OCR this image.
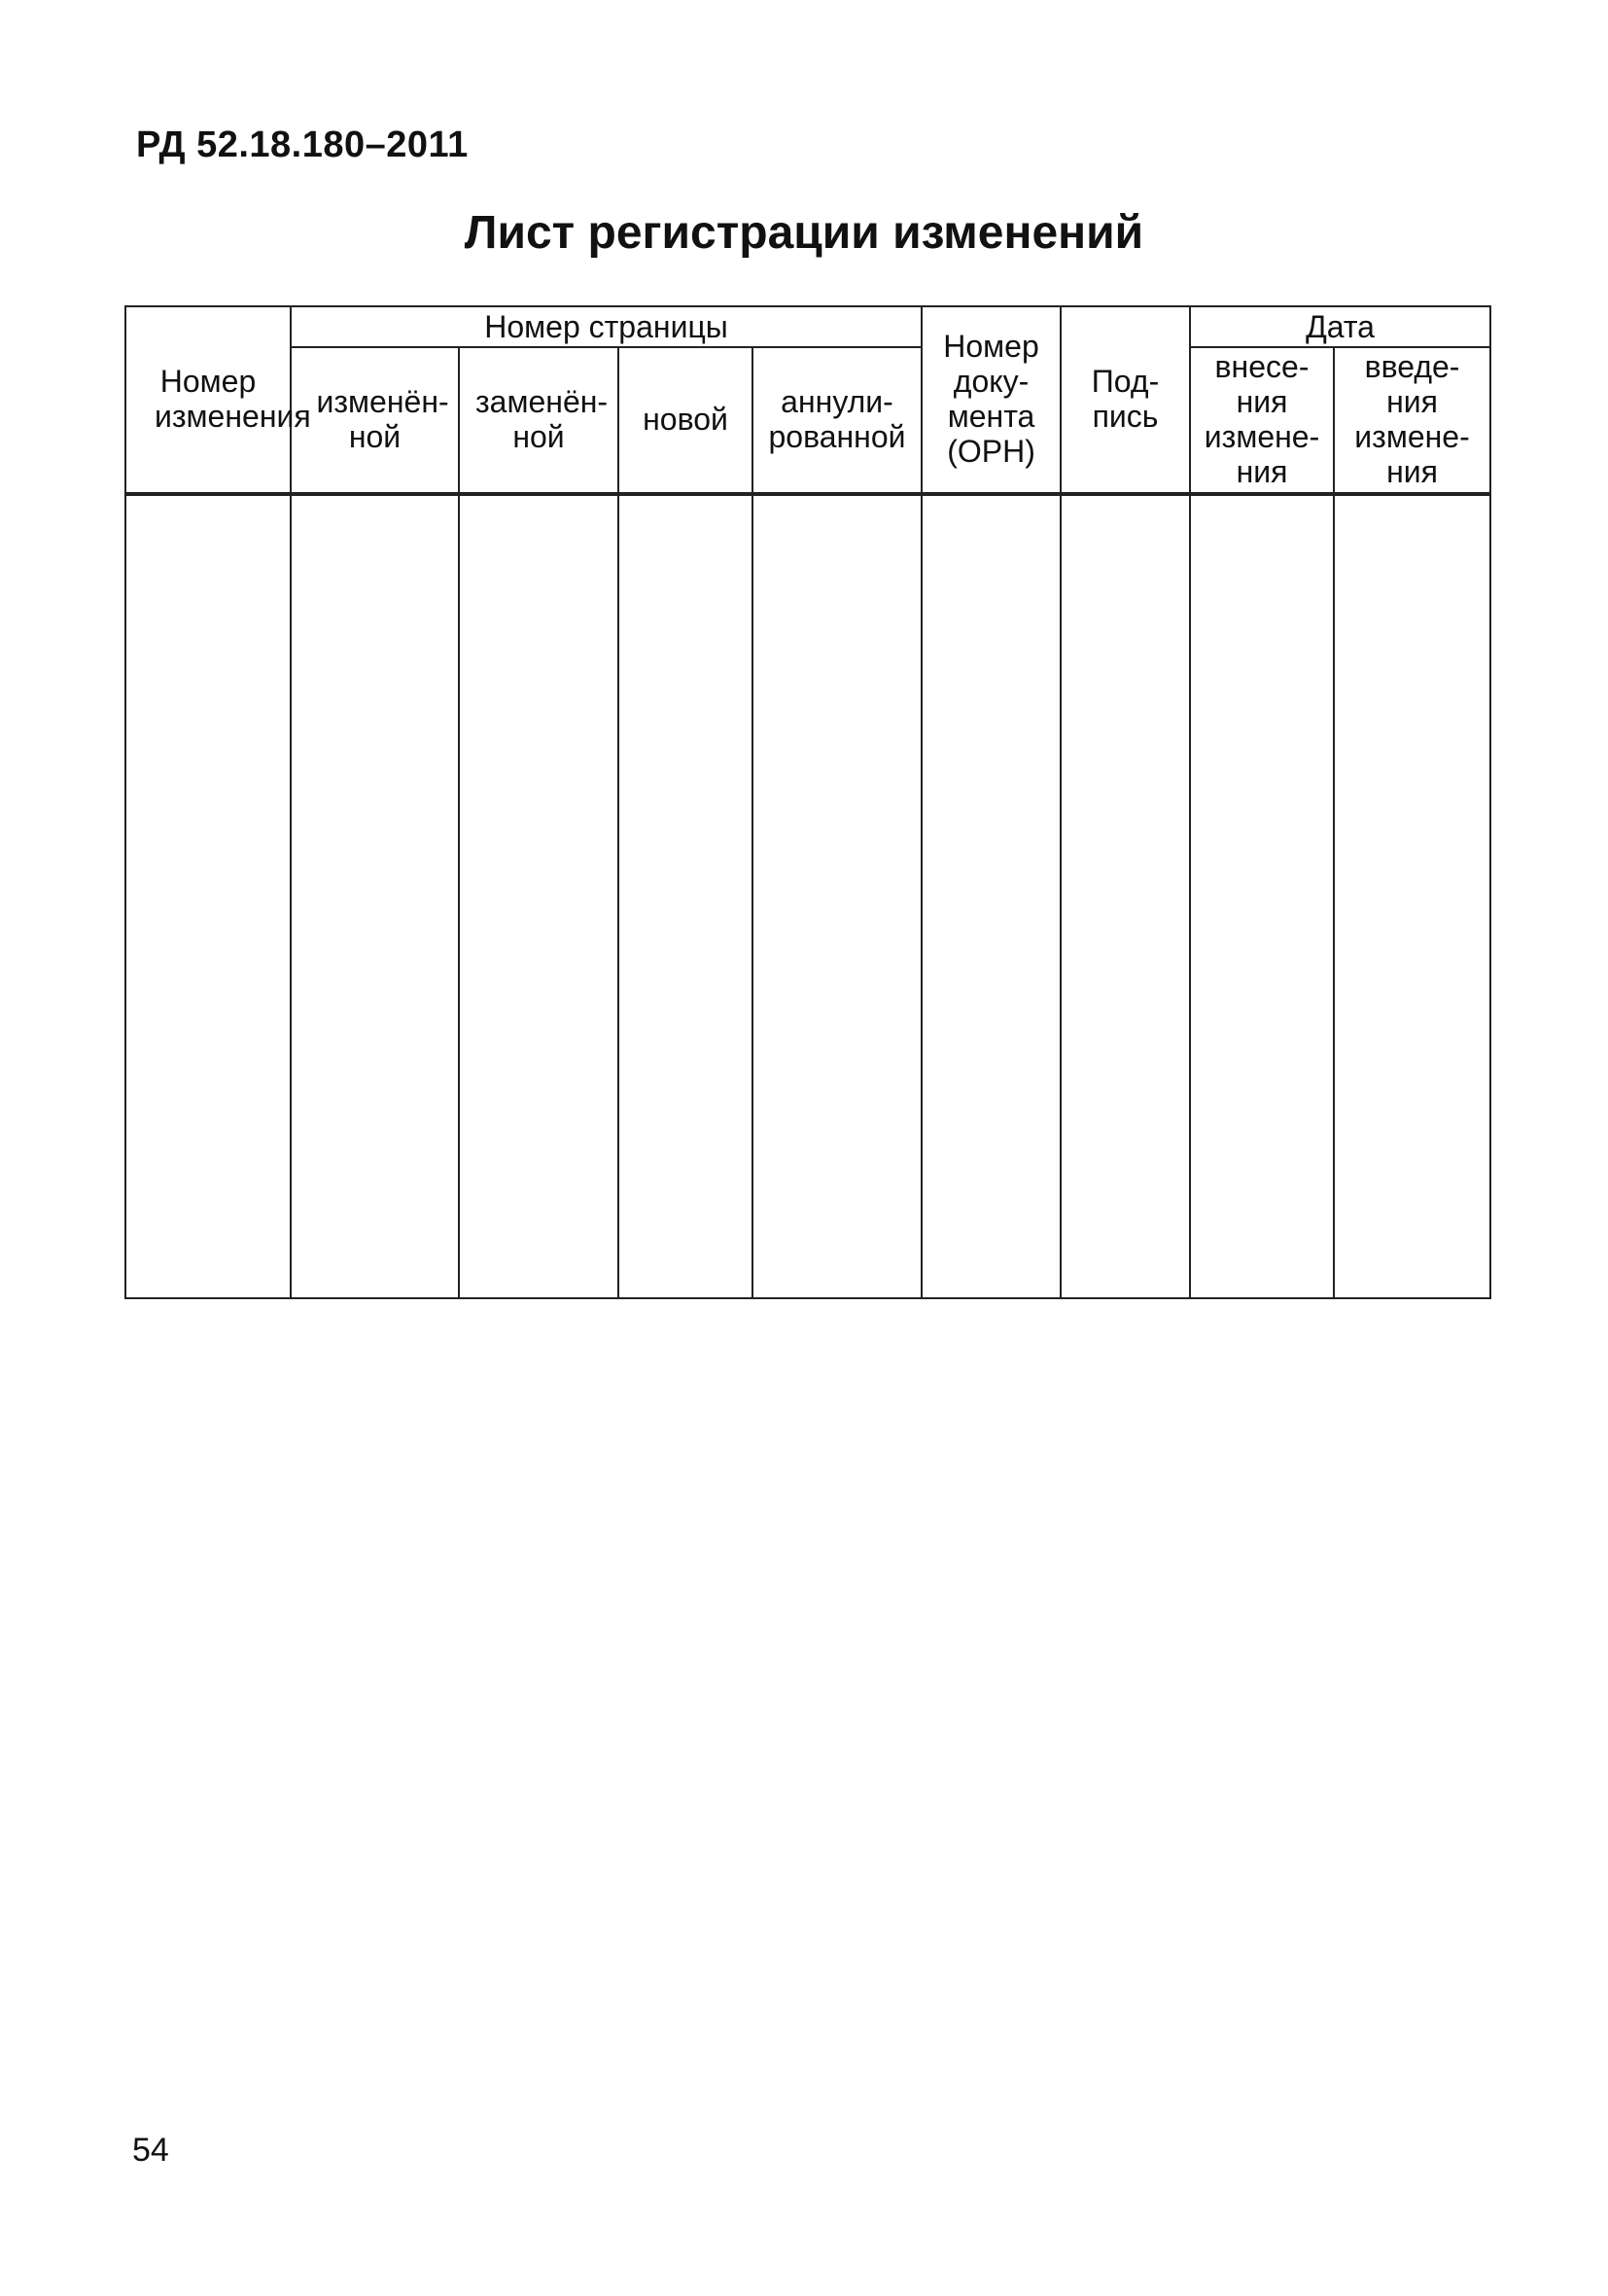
РД 52.18.180–2011
Лист регистрации изменений
Номер изменения	Номер страницы				Номер доку-мента (ОРН)	Под-пись	Дата	
	изменён-ной	заменён-ной	новой	аннули-рованной			внесе-ния измене-ния	введе-ния измене-ния

54
